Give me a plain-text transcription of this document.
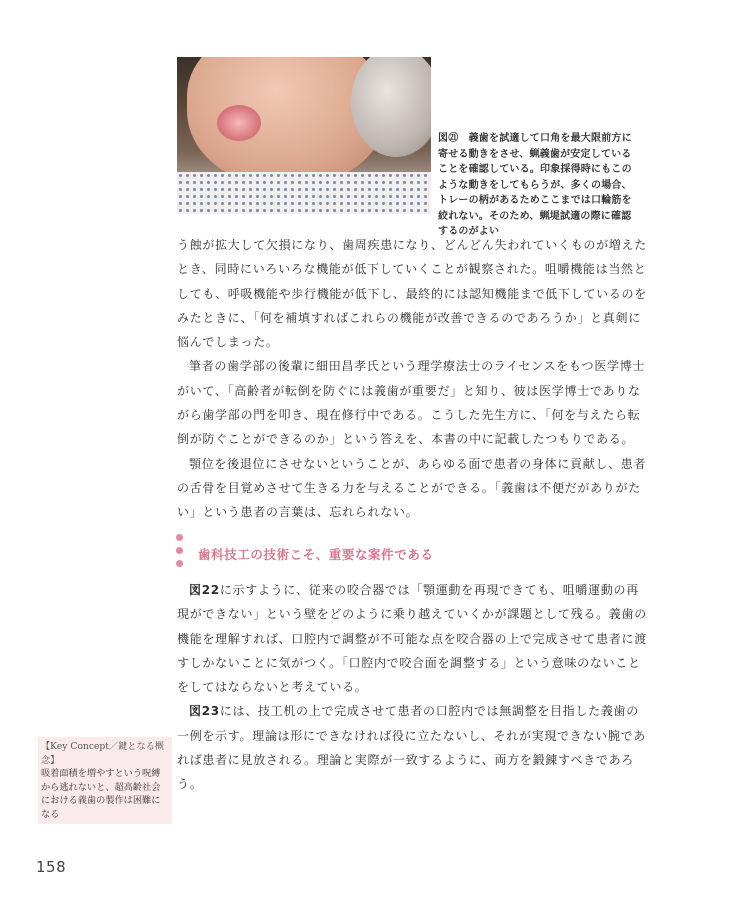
図㉑　義歯を試適して口角を最大限前方に寄せる動きをさせ、蝋義歯が安定していることを確認している。印象採得時にもこのような動きをしてもらうが、多くの場合、トレーの柄があるためここまでは口輪筋を絞れない。そのため、蝋堤試適の際に確認するのがよい

う蝕が拡大して欠損になり、歯周疾患になり、どんどん失われていくものが増えたとき、同時にいろいろな機能が低下していくことが観察された。咀嚼機能は当然としても、呼吸機能や歩行機能が低下し、最終的には認知機能まで低下しているのをみたときに、「何を補填すればこれらの機能が改善できるのであろうか」と真剣に悩んでしまった。

筆者の歯学部の後輩に細田昌孝氏という理学療法士のライセンスをもつ医学博士がいて、「高齢者が転倒を防ぐには義歯が重要だ」と知り、彼は医学博士でありながら歯学部の門を叩き、現在修行中である。こうした先生方に、「何を与えたら転倒が防ぐことができるのか」という答えを、本書の中に記載したつもりである。

顎位を後退位にさせないということが、あらゆる面で患者の身体に貢献し、患者の舌骨を目覚めさせて生きる力を与えることができる。「義歯は不便だがありがたい」という患者の言葉は、忘れられない。

歯科技工の技術こそ、重要な案件である

図22に示すように、従来の咬合器では「顎運動を再現できても、咀嚼運動の再現ができない」という壁をどのように乗り越えていくかが課題として残る。義歯の機能を理解すれば、口腔内で調整が不可能な点を咬合器の上で完成させて患者に渡すしかないことに気がつく。「口腔内で咬合面を調整する」という意味のないことをしてはならないと考えている。

図23には、技工机の上で完成させて患者の口腔内では無調整を目指した義歯の一例を示す。理論は形にできなければ役に立たないし、それが実現できない腕であれば患者に見放される。理論と実際が一致するように、両方を鍛錬すべきであろう。

【Key Concept／鍵となる概念】
吸着面積を増やすという呪縛から逃れないと、超高齢社会における義歯の製作は困難になる
158
